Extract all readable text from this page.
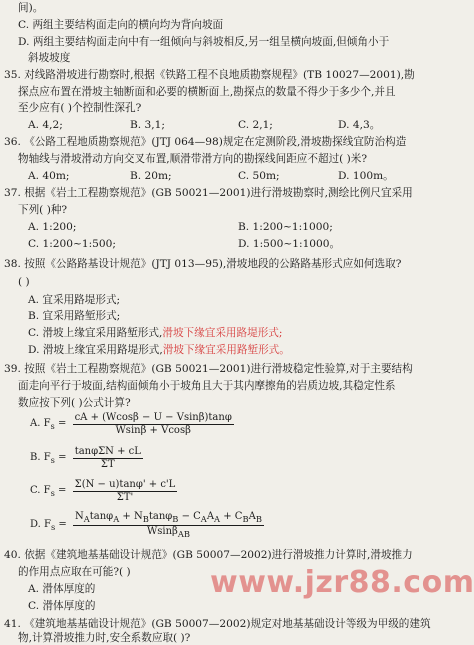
间)。
C. 两组主要结构面走向的横向均为背向坡面
D. 两组主要结构面走向中有一组倾向与斜坡相反,另一组呈横向坡面,但倾角小于
斜坡坡度
35. 对线路滑坡进行勘察时,根据《铁路工程不良地质勘察规程》(TB 10027—2001),勘
探点应布置在滑坡主轴断面和必要的横断面上,勘探点的数量不得少于多少个,并且
至少应有( )个控制性深孔?
A. 4,2;	B. 3,1;	C. 2,1;	D. 4,3。
36. 《公路工程地质勘察规范》(JTJ 064—98)规定在定测阶段,滑坡勘探线宜防治构造
物轴线与滑坡滑动方向交叉布置,顺滑带滑方向的勘探线间距应不超过( )米?
A. 40m;	B. 20m;	C. 50m;	D. 100m。
37. 根据《岩土工程勘察规范》(GB 50021—2001)进行滑坡勘察时,测绘比例尺宜采用
下列( )种?
A. 1:200;	B. 1:200~1:1000;
C. 1:200~1:500;	D. 1:500~1:1000。
38. 按照《公路路基设计规范》(JTJ 013—95),滑坡地段的公路路基形式应如何选取?
( )
A. 宜采用路堤形式;
B. 宜采用路堑形式;
C. 滑坡上缘宜采用路堑形式,滑坡下缘宜采用路堤形式;
D. 滑坡上缘宜采用路堤形式,滑坡下缘宜采用路堑形式。
39. 按照《岩土工程勘察规范》(GB 50021—2001)进行滑坡稳定性验算,对于主要结构
面走向平行于坡面,结构面倾角小于坡角且大于其内摩擦角的岩质边坡,其稳定性系
数应按下列( )公式计算?
A. $F_s = \frac{cA + (Wcos\beta - U - Vsin\beta)\tan\varphi}{Wsin\beta + Vcos\beta}$
B. $F_s = \frac{\text{tanφΣN + cL}}{\Sigma T}$
C. $F_s = \frac{\Sigma(N - u)\tan\varphi' + c'L}{\Sigma T'}$
D. $F_s = \frac{N_A\tan\varphi_A + N_B\tan\varphi_B - C_AA_A + C_BA_B}{Wsin\beta_{AB}}$
40. 依据《建筑地基基础设计规范》(GB 50007—2002)进行滑坡推力计算时,滑坡推力
的作用点应取在可能?( )
A. 滑体厚度的
C. 滑体厚度的
41. 《建筑地基基础设计规范》(GB 50007—2002)规定对地基基础设计等级为甲级的建筑
物,计算滑坡推力时,安全系数应取( )?
www.jzr88.com
